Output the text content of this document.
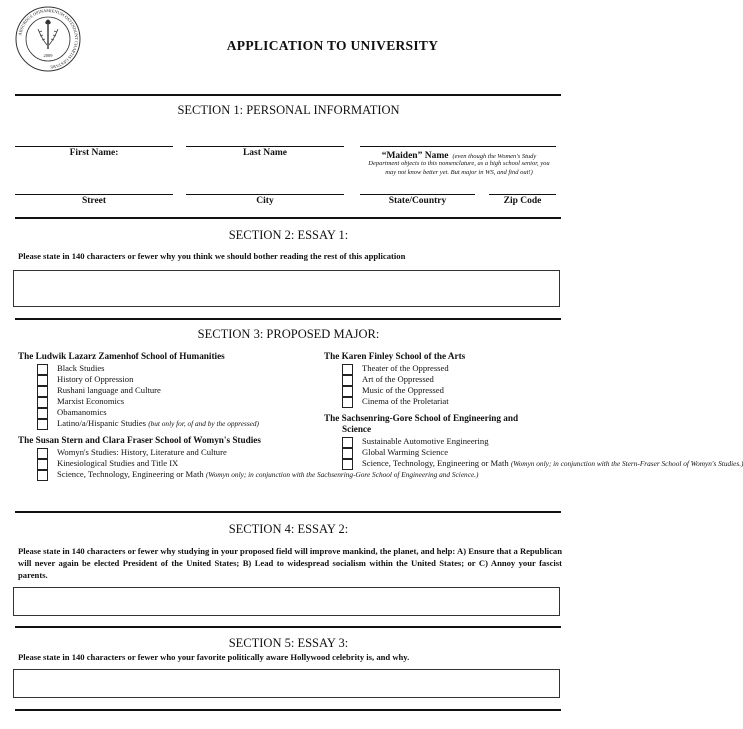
ABSURDUS OPINAMIENUM OSTENDUNT CHARTIS GESTARE
2009
APPLICATION TO UNIVERSITY
SECTION 1: PERSONAL INFORMATION
First Name:	Last Name	“Maiden” Name (even though the Women's Study
Department objects to this nomenclature, as a high school senior, you
may not know better yet. But major in WS, and find out!)
Street	City	State/Country	Zip Code
SECTION 2: ESSAY 1:
Please state in 140 characters or fewer why you think we should bother reading the rest of this application
SECTION 3: PROPOSED MAJOR:
The Ludwik Lazarz Zamenhof School of Humanities
Black Studies
History of Oppression
Rushani language and Culture
Marxist Economics
Obamanomics
Latino/a/Hispanic Studies (but only for, of and by the oppressed)
The Susan Stern and Clara Fraser School of Womyn's Studies
Womyn's Studies: History, Literature and Culture
Kinesiological Studies and Title IX
Science, Technology, Engineering or Math (Womyn only; in conjunction with the Sachsenring-Gore School of Engineering and Science.)
The Karen Finley School of the Arts
Theater of the Oppressed
Art of the Oppressed
Music of the Oppressed
Cinema of the Proletariat
The Sachsenring-Gore School of Engineering and
Science
Sustainable Automotive Engineering
Global Warming Science
Science, Technology, Engineering or Math (Womyn only; in conjunction with the Stern-Fraser School of Womyn's Studies.)
SECTION 4: ESSAY 2:
Please state in 140 characters or fewer why studying in your proposed field will improve mankind, the planet, and help: A) Ensure that a Republican will never again be elected President of the United States; B) Lead to widespread socialism within the United States; or C) Annoy your fascist parents.
SECTION 5: ESSAY 3:
Please state in 140 characters or fewer who your favorite politically aware Hollywood celebrity is, and why.
